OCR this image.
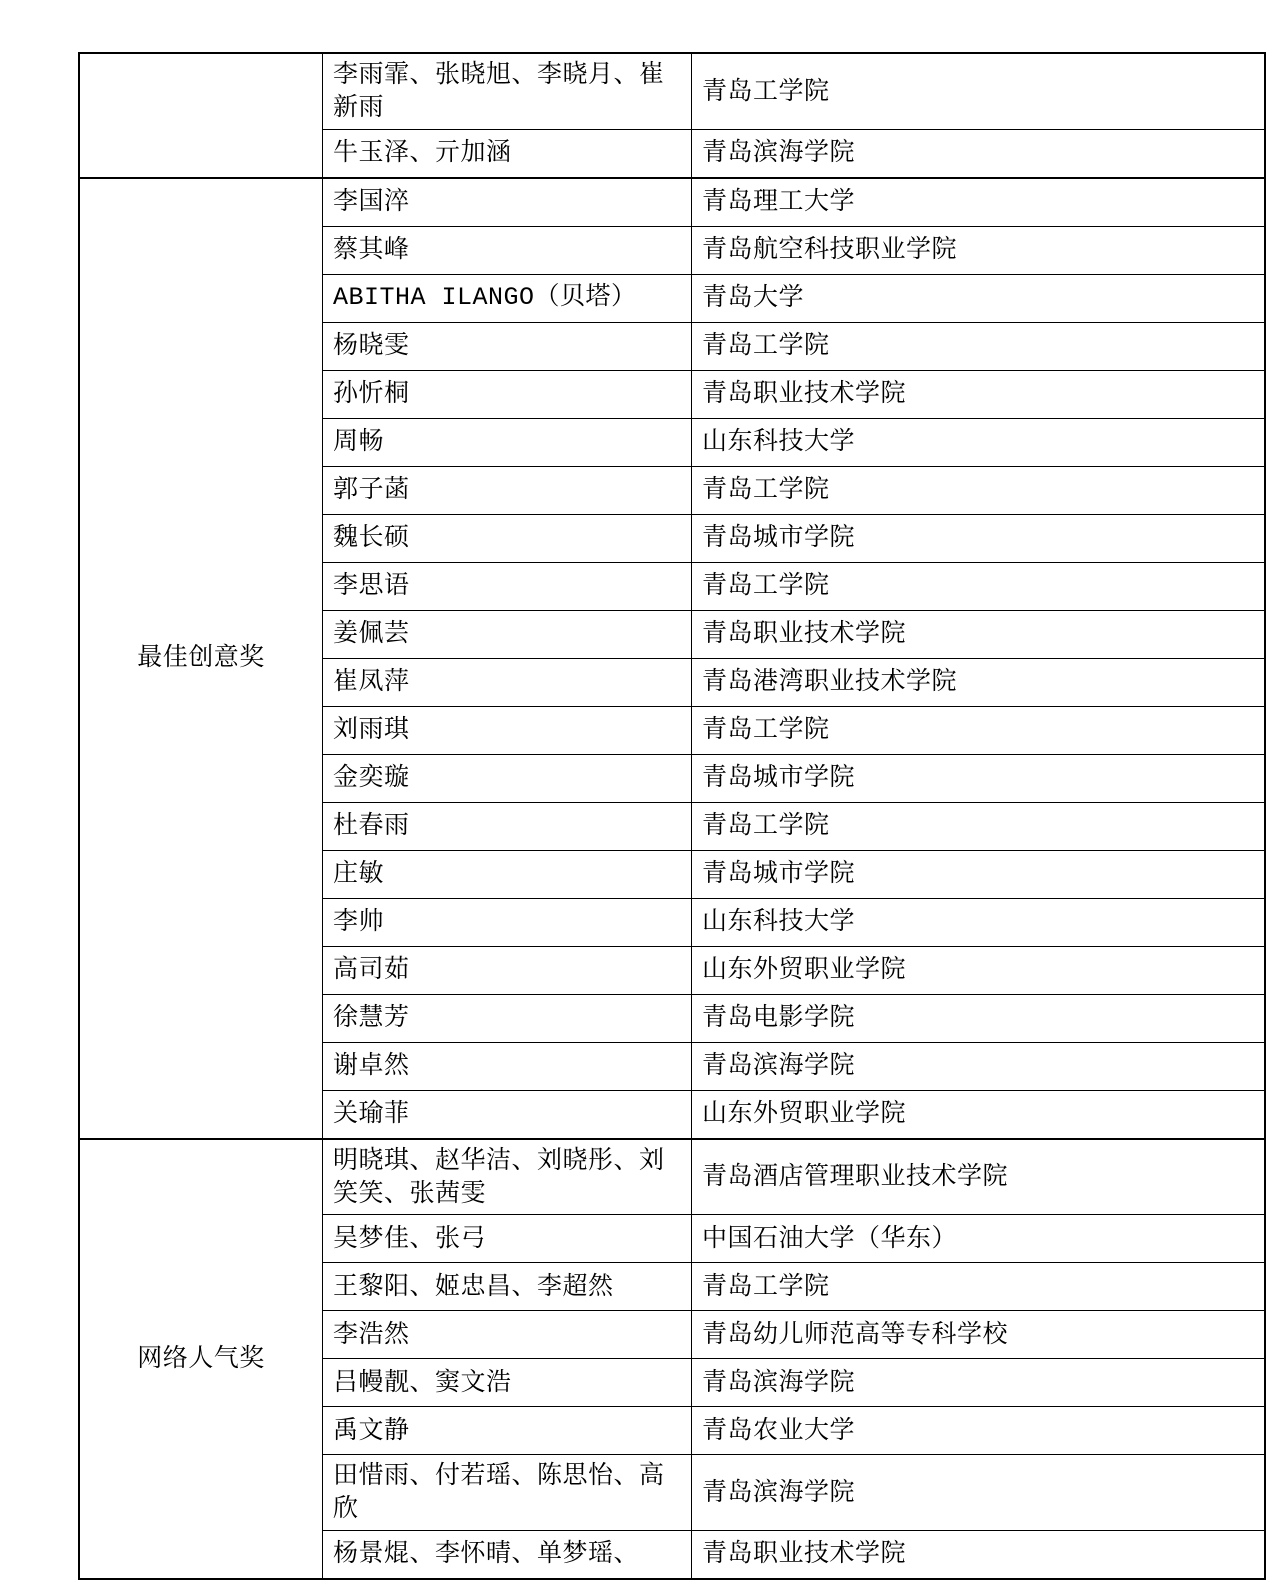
	李雨霏、张晓旭、李晓月、崔新雨	青岛工学院
	牛玉泽、亓加涵	青岛滨海学院
最佳创意奖	李国淬	青岛理工大学
	蔡其峰	青岛航空科技职业学院
	ABITHA ILANGO（贝塔）	青岛大学
	杨晓雯	青岛工学院
	孙忻桐	青岛职业技术学院
	周畅	山东科技大学
	郭子菡	青岛工学院
	魏长硕	青岛城市学院
	李思语	青岛工学院
	姜佩芸	青岛职业技术学院
	崔凤萍	青岛港湾职业技术学院
	刘雨琪	青岛工学院
	金奕璇	青岛城市学院
	杜春雨	青岛工学院
	庄敏	青岛城市学院
	李帅	山东科技大学
	高司茹	山东外贸职业学院
	徐慧芳	青岛电影学院
	谢卓然	青岛滨海学院
	关瑜菲	山东外贸职业学院
网络人气奖	明晓琪、赵华洁、刘晓彤、刘笑笑、张茜雯	青岛酒店管理职业技术学院
	吴梦佳、张弓	中国石油大学（华东）
	王黎阳、姬忠昌、李超然	青岛工学院
	李浩然	青岛幼儿师范高等专科学校
	吕幔靓、窦文浩	青岛滨海学院
	禹文静	青岛农业大学
	田惜雨、付若瑶、陈思怡、高欣	青岛滨海学院
	杨景焜、李怀晴、单梦瑶、	青岛职业技术学院
